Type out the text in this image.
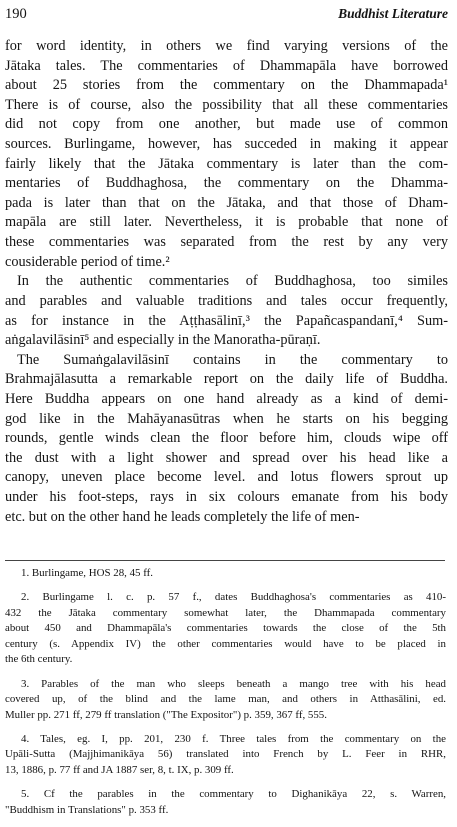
190	Buddhist Literature
for word identity, in others we find varying versions of the
Jātaka tales. The commentaries of Dhammapāla have borrowed
about 25 stories from the commentary on the Dhammapada¹
There is of course, also the possibility that all these commentaries
did not copy from one another, but made use of common
sources. Burlingame, however, has succeded in making it appear
fairly likely that the Jātaka commentary is later than the com-
mentaries of Buddhaghosa, the commentary on the Dhamma-
pada is later than that on the Jātaka, and that those of Dham-
mapāla are still later. Nevertheless, it is probable that none of
these commentaries was separated from the rest by any very
cousiderable period of time.²
In the authentic commentaries of Buddhaghosa, too similes
and parables and valuable traditions and tales occur frequently,
as for instance in the Aṭṭhasālinī,³ the Papañcaspandanī,⁴ Sum-
aṅgalavilāsinī⁵ and especially in the Manoratha-pūraṇī.
The Sumaṅgalavilāsinī contains in the commentary to
Brahmajālasutta a remarkable report on the daily life of Buddha.
Here Buddha appears on one hand already as a kind of demi-
god like in the Mahāyanasūtras when he starts on his begging
rounds, gentle winds clean the floor before him, clouds wipe off
the dust with a light shower and spread over his head like a
canopy, uneven place become level. and lotus flowers sprout up
under his foot-steps, rays in six colours emanate from his body
etc. but on the other hand he leads completely the life of men-
1. Burlingame, HOS 28, 45 ff.
2. Burlingame l. c. p. 57 f., dates Buddhaghosa's commentaries as 410-
432 the Jātaka commentary somewhat later, the Dhammapada commentary
about 450 and Dhammapāla's commentaries towards the close of the 5th
century (s. Appendix IV) the other commentaries would have to be placed in
the 6th century.
3. Parables of the man who sleeps beneath a mango tree with his head
covered up, of the blind and the lame man, and others in Atthasālini, ed.
Muller pp. 271 ff, 279 ff translation ("The Expositor") p. 359, 367 ff, 555.
4. Tales, eg. I, pp. 201, 230 f. Three tales from the commentary on the
Upāli-Sutta (Majjhimanikāya 56) translated into French by L. Feer in RHR,
13, 1886, p. 77 ff and JA 1887 ser, 8, t. IX, p. 309 ff.
5. Cf the parables in the commentary to Dighanikāya 22, s. Warren,
"Buddhism in Translations" p. 353 ff.
